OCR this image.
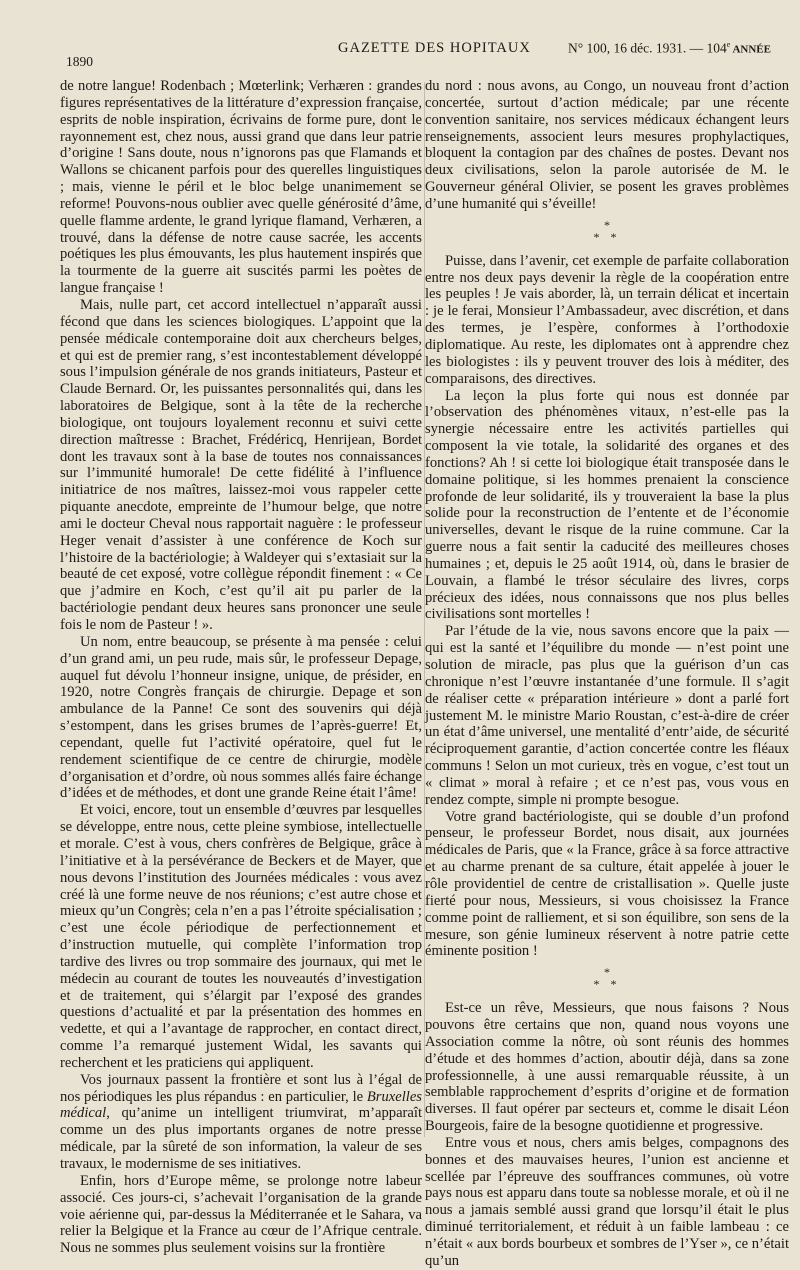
1890
GAZETTE DES HOPITAUX	N° 100, 16 déc. 1931. — 104e ANNÉE

de notre langue! Rodenbach ; Mœterlink; Verhæren : grandes figures représentatives de la littérature d’expression française, esprits de noble inspiration, écrivains de forme pure, dont le rayonnement est, chez nous, aussi grand que dans leur patrie d’origine ! Sans doute, nous n’ignorons pas que Flamands et Wallons se chicanent parfois pour des querelles linguistiques ; mais, vienne le péril et le bloc belge unanimement se reforme! Pouvons-nous oublier avec quelle générosité d’âme, quelle flamme ardente, le grand lyrique flamand, Verhæren, a trouvé, dans la défense de notre cause sacrée, les accents poétiques les plus émouvants, les plus hautement inspirés que la tourmente de la guerre ait suscités parmi les poètes de langue française !

Mais, nulle part, cet accord intellectuel n’apparaît aussi fécond que dans les sciences biologiques. L’appoint que la pensée médicale contemporaine doit aux chercheurs belges, et qui est de premier rang, s’est incontestablement développé sous l’impulsion générale de nos grands initiateurs, Pasteur et Claude Bernard. Or, les puissantes personnalités qui, dans les laboratoires de Belgique, sont à la tête de la recherche biologique, ont toujours loyalement reconnu et suivi cette direction maîtresse : Brachet, Frédéricq, Henrijean, Bordet dont les travaux sont à la base de toutes nos connaissances sur l’immunité humorale! De cette fidélité à l’influence initiatrice de nos maîtres, laissez-moi vous rappeler cette piquante anecdote, empreinte de l’humour belge, que notre ami le docteur Cheval nous rapportait naguère : le professeur Heger venait d’assister à une conférence de Koch sur l’histoire de la bactériologie; à Waldeyer qui s’extasiait sur la beauté de cet exposé, votre collègue répondit finement : « Ce que j’admire en Koch, c’est qu’il ait pu parler de la bactériologie pendant deux heures sans prononcer une seule fois le nom de Pasteur ! ».

Un nom, entre beaucoup, se présente à ma pensée : celui d’un grand ami, un peu rude, mais sûr, le professeur Depage, auquel fut dévolu l’honneur insigne, unique, de présider, en 1920, notre Congrès français de chirurgie. Depage et son ambulance de la Panne! Ce sont des souvenirs qui déjà s’estompent, dans les grises brumes de l’après-guerre! Et, cependant, quelle fut l’activité opératoire, quel fut le rendement scientifique de ce centre de chirurgie, modèle d’organisation et d’ordre, où nous sommes allés faire échange d’idées et de méthodes, et dont une grande Reine était l’âme!

Et voici, encore, tout un ensemble d’œuvres par lesquelles se développe, entre nous, cette pleine symbiose, intellectuelle et morale. C’est à vous, chers confrères de Belgique, grâce à l’initiative et à la persévérance de Beckers et de Mayer, que nous devons l’institution des Journées médicales : vous avez créé là une forme neuve de nos réunions; c’est autre chose et mieux qu’un Congrès; cela n’en a pas l’étroite spécialisation ; c’est une école périodique de perfectionnement et d’instruction mutuelle, qui complète l’information trop tardive des livres ou trop sommaire des journaux, qui met le médecin au courant de toutes les nouveautés d’investigation et de traitement, qui s’élargit par l’exposé des grandes questions d’actualité et par la présentation des hommes en vedette, et qui a l’avantage de rapprocher, en contact direct, comme l’a remarqué justement Widal, les savants qui recherchent et les praticiens qui appliquent.

Vos journaux passent la frontière et sont lus à l’égal de nos périodiques les plus répandus : en particulier, le Bruxelles médical, qu’anime un intelligent triumvirat, m’apparaît comme un des plus importants organes de notre presse médicale, par la sûreté de son information, la valeur de ses travaux, le modernisme de ses initiatives.

Enfin, hors d’Europe même, se prolonge notre labeur associé. Ces jours-ci, s’achevait l’organisation de la grande voie aérienne qui, par-dessus la Méditerranée et le Sahara, va relier la Belgique et la France au cœur de l’Afrique centrale. Nous ne sommes plus seulement voisins sur la frontière

du nord : nous avons, au Congo, un nouveau front d’action concertée, surtout d’action médicale; par une récente convention sanitaire, nos services médicaux échangent leurs renseignements, associent leurs mesures prophylactiques, bloquent la contagion par des chaînes de postes. Devant nos deux civilisations, selon la parole autorisée de M. le Gouverneur général Olivier, se posent les graves problèmes d’une humanité qui s’éveille!

*
* *

Puisse, dans l’avenir, cet exemple de parfaite collaboration entre nos deux pays devenir la règle de la coopération entre les peuples ! Je vais aborder, là, un terrain délicat et incertain : je le ferai, Monsieur l’Ambassadeur, avec discrétion, et dans des termes, je l’espère, conformes à l’orthodoxie diplomatique. Au reste, les diplomates ont à apprendre chez les biologistes : ils y peuvent trouver des lois à méditer, des comparaisons, des directives.

La leçon la plus forte qui nous est donnée par l’observation des phénomènes vitaux, n’est-elle pas la synergie nécessaire entre les activités partielles qui composent la vie totale, la solidarité des organes et des fonctions? Ah ! si cette loi biologique était transposée dans le domaine politique, si les hommes prenaient la conscience profonde de leur solidarité, ils y trouveraient la base la plus solide pour la reconstruction de l’entente et de l’économie universelles, devant le risque de la ruine commune. Car la guerre nous a fait sentir la caducité des meilleures choses humaines ; et, depuis le 25 août 1914, où, dans le brasier de Louvain, a flambé le trésor séculaire des livres, corps précieux des idées, nous connaissons que nos plus belles civilisations sont mortelles !

Par l’étude de la vie, nous savons encore que la paix — qui est la santé et l’équilibre du monde — n’est point une solution de miracle, pas plus que la guérison d’un cas chronique n’est l’œuvre instantanée d’une formule. Il s’agit de réaliser cette « préparation intérieure » dont a parlé fort justement M. le ministre Mario Roustan, c’est-à-dire de créer un état d’âme universel, une mentalité d’entr’aide, de sécurité réciproquement garantie, d’action concertée contre les fléaux communs ! Selon un mot curieux, très en vogue, c’est tout un « climat » moral à refaire ; et ce n’est pas, vous vous en rendez compte, simple ni prompte besogue.

Votre grand bactériologiste, qui se double d’un profond penseur, le professeur Bordet, nous disait, aux journées médicales de Paris, que « la France, grâce à sa force attractive et au charme prenant de sa culture, était appelée à jouer le rôle providentiel de centre de cristallisation ». Quelle juste fierté pour nous, Messieurs, si vous choisissez la France comme point de ralliement, et si son équilibre, son sens de la mesure, son génie lumineux réservent à notre patrie cette éminente position !

*
* *

Est-ce un rêve, Messieurs, que nous faisons ? Nous pouvons être certains que non, quand nous voyons une Association comme la nôtre, où sont réunis des hommes d’étude et des hommes d’action, aboutir déjà, dans sa zone professionnelle, à une aussi remarquable réussite, à un semblable rapprochement d’esprits d’origine et de formation diverses. Il faut opérer par secteurs et, comme le disait Léon Bourgeois, faire de la besogne quotidienne et progressive.

Entre vous et nous, chers amis belges, compagnons des bonnes et des mauvaises heures, l’union est ancienne et scellée par l’épreuve des souffrances communes, où votre pays nous est apparu dans toute sa noblesse morale, et où il ne nous a jamais semblé aussi grand que lorsqu’il était le plus diminué territorialement, et réduit à un faible lambeau : ce n’était « aux bords bourbeux et sombres de l’Yser », ce n’était qu’un
